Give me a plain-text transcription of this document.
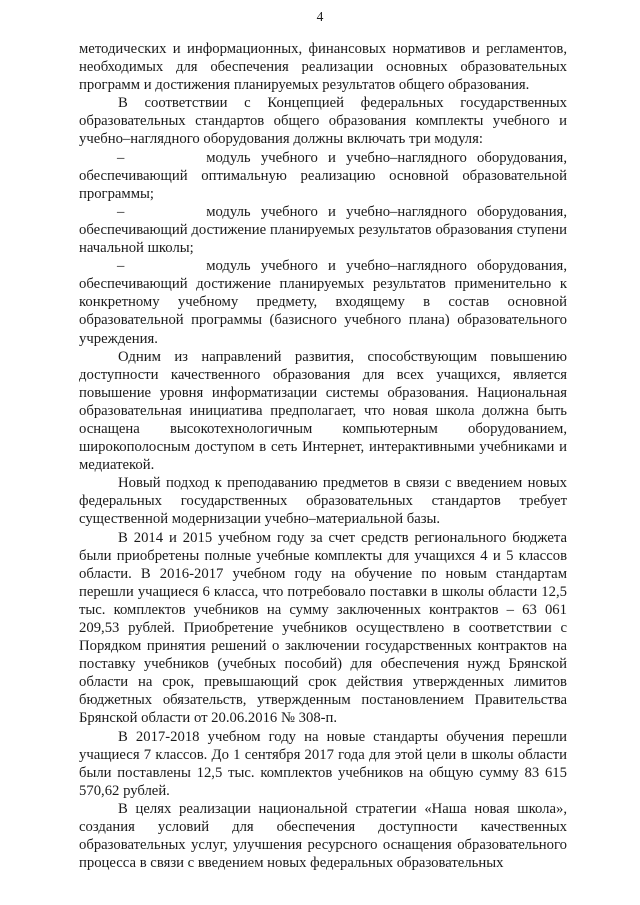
4

методических и информационных, финансовых нормативов и регламентов, необходимых для обеспечения реализации основных образовательных программ и достижения планируемых результатов общего образования.

В соответствии с Концепцией федеральных государственных образовательных стандартов общего образования комплекты учебного и учебно–наглядного оборудования должны включать три модуля:

–        модуль учебного и учебно–наглядного оборудования, обеспечивающий оптимальную реализацию основной образовательной программы;

–        модуль учебного и учебно–наглядного оборудования, обеспечивающий достижение планируемых результатов образования ступени начальной школы;

–        модуль учебного и учебно–наглядного оборудования, обеспечивающий достижение планируемых результатов применительно к конкретному учебному предмету, входящему в состав основной образовательной программы (базисного учебного плана) образовательного учреждения.

Одним из направлений развития, способствующим повышению доступности качественного образования для всех учащихся, является повышение уровня информатизации системы образования. Национальная образовательная инициатива предполагает, что новая школа должна быть оснащена высокотехнологичным компьютерным оборудованием, широкополосным доступом в сеть Интернет, интерактивными учебниками и медиатекой.

Новый подход к преподаванию предметов в связи с введением новых федеральных государственных образовательных стандартов требует существенной модернизации учебно–материальной базы.

В 2014 и 2015 учебном году за счет средств регионального бюджета были приобретены полные учебные комплекты для учащихся 4 и 5 классов области. В 2016-2017 учебном году на обучение по новым стандартам перешли учащиеся 6 класса, что потребовало поставки в школы области 12,5 тыс. комплектов учебников на сумму заключенных контрактов – 63 061 209,53 рублей. Приобретение учебников осуществлено в соответствии с Порядком принятия решений о заключении государственных контрактов на поставку учебников (учебных пособий) для обеспечения нужд Брянской области на срок, превышающий срок действия утвержденных лимитов бюджетных обязательств, утвержденным постановлением Правительства Брянской области от 20.06.2016 № 308-п.

В 2017-2018 учебном году на новые стандарты обучения перешли учащиеся 7 классов. До 1 сентября 2017 года для этой цели в школы области были поставлены 12,5 тыс. комплектов учебников на общую сумму 83 615 570,62 рублей.

В целях реализации национальной стратегии «Наша новая школа», создания условий для обеспечения доступности качественных образовательных услуг, улучшения ресурсного оснащения образовательного процесса в связи с введением новых федеральных образовательных
